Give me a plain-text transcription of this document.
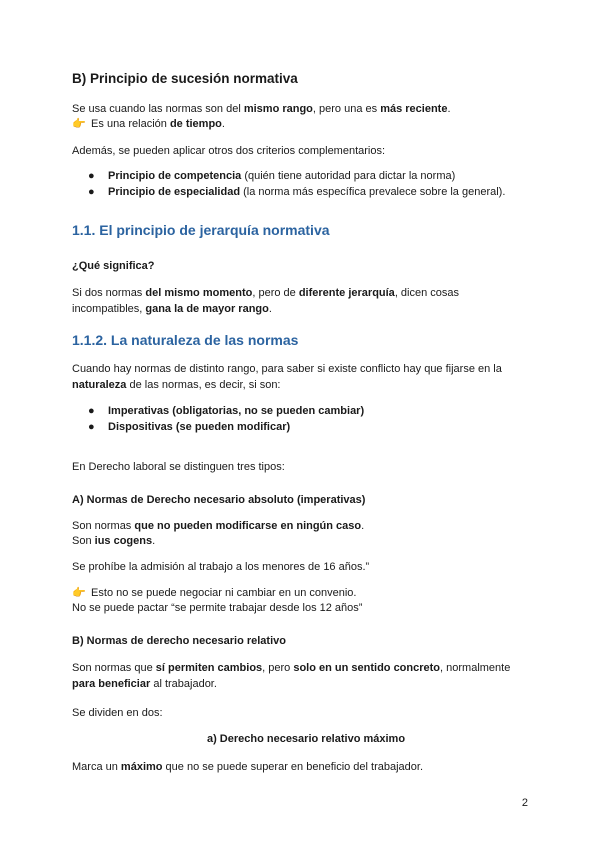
B) Principio de sucesión normativa
Se usa cuando las normas son del mismo rango, pero una es más reciente.
👉 Es una relación de tiempo.
Además, se pueden aplicar otros dos criterios complementarios:
● Principio de competencia (quién tiene autoridad para dictar la norma)
● Principio de especialidad (la norma más específica prevalece sobre la general).
1.1. El principio de jerarquía normativa
¿Qué significa?
Si dos normas del mismo momento, pero de diferente jerarquía, dicen cosas
incompatibles, gana la de mayor rango.
1.1.2. La naturaleza de las normas
Cuando hay normas de distinto rango, para saber si existe conflicto hay que fijarse en la
naturaleza de las normas, es decir, si son:
● Imperativas (obligatorias, no se pueden cambiar)
● Dispositivas (se pueden modificar)
En Derecho laboral se distinguen tres tipos:
A) Normas de Derecho necesario absoluto (imperativas)
Son normas que no pueden modificarse en ningún caso.
Son ius cogens.
Se prohíbe la admisión al trabajo a los menores de 16 años.”
👉 Esto no se puede negociar ni cambiar en un convenio.
No se puede pactar “se permite trabajar desde los 12 años”
B) Normas de derecho necesario relativo
Son normas que sí permiten cambios, pero solo en un sentido concreto, normalmente
para beneficiar al trabajador.
Se dividen en dos:
a) Derecho necesario relativo máximo
Marca un máximo que no se puede superar en beneficio del trabajador.
2
